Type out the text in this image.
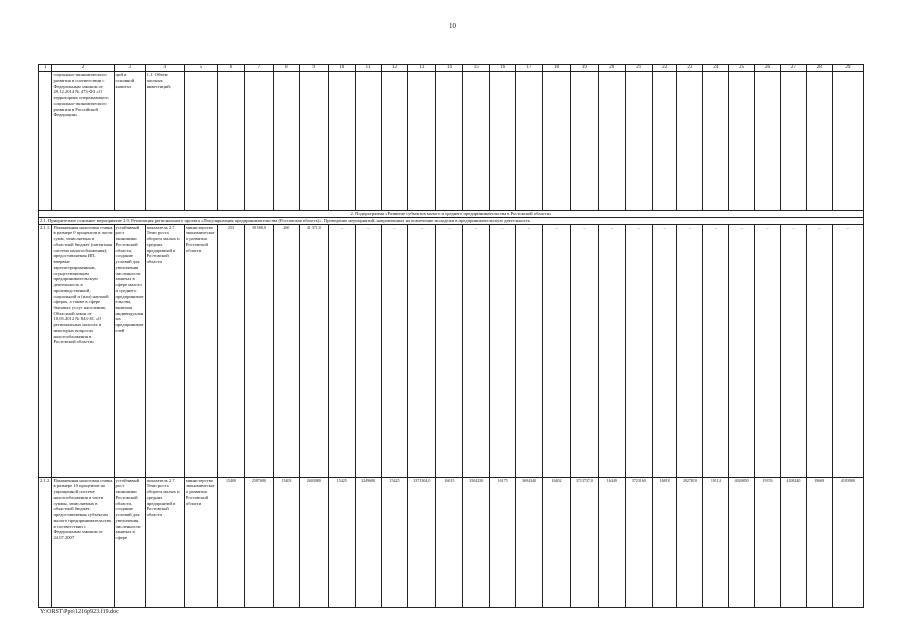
10
1	2	3	4	5	6	7	8	9	10	11	12	13	14	15	16	17	18	19	20	21	22	23	24	25	26	27	28	29
	социально-экономического развития в соответствии с Федеральным законом от 29.12.2014 № 473-ФЗ «О территориях опережающего социально-экономического развития в Российской Федерации»	ций в основной капитал	1.1. Объем частных инвестиций;																									
2. Подпрограмма «Развитие субъектов малого и среднего предпринимательства в Ростовской области»																												
2.1. Приоритетное основное мероприятие 2.9. Реализация регионального проекта «Популяризация предпринимательства (Ростовская область)». Проведение мероприятий, направленных на вовлечение молодежи в предпринимательскую деятельность																												
2.1.1.	Пониженная налоговая ставка в размере 0 процентов в части сумм, зачисляемых в областной бюджет (патентная система налогообложения), предоставляемая ИП, впервые зарегистрированным, осуществляющим предпринимательскую деятельность в производственной, социальной и (или) научной сферах, а также в сфере бытовых услуг населению, Областной закон от 10.05.2012 № 843-ЗС «О региональных налогах и некоторых вопросах налогообложения в Ростовской области»	устойчивый рост экономики Ростовской области, создание условий для увеличения численности занятых в сфере малого и среднего предпринимательства, включая индивидуальных предпринимателей	показатель 2.7. Темп роста оборота малых и средних предприятий в Ростовской области	министерство экономического развития Ростовской области	253	39 568,0	260	41 371,0	–	–	–	–	–	–	–	–	–	–	–	–	–	–	–	–	–	–	–	–
2.1.2.	Пониженная налоговая ставка в размере 10 процентов по упрощенной системе налогообложения в части суммы, зачисляемых в областной бюджет, предоставляемая субъектам малого предпринимательства в соответствии с Федеральным законом от 24.07.2007	устойчивый рост экономики Ростовской области, создание условий для увеличения численности занятых в сфере	показатель 2.7. Темп роста оборота малых и средних предприятий в Ростовской области	министерство экономического развития Ростовской области	15400	2587680	15403	2603080	15425	3249680	15425	3371304,0	16015	3504250	16175	3694340	16402	3713737,0	16449	3723160	16818	3927810	19114	4026850	19376	4108240	19669	4183980
Y:\ORST\Ppo\1216p923.f19.doc
